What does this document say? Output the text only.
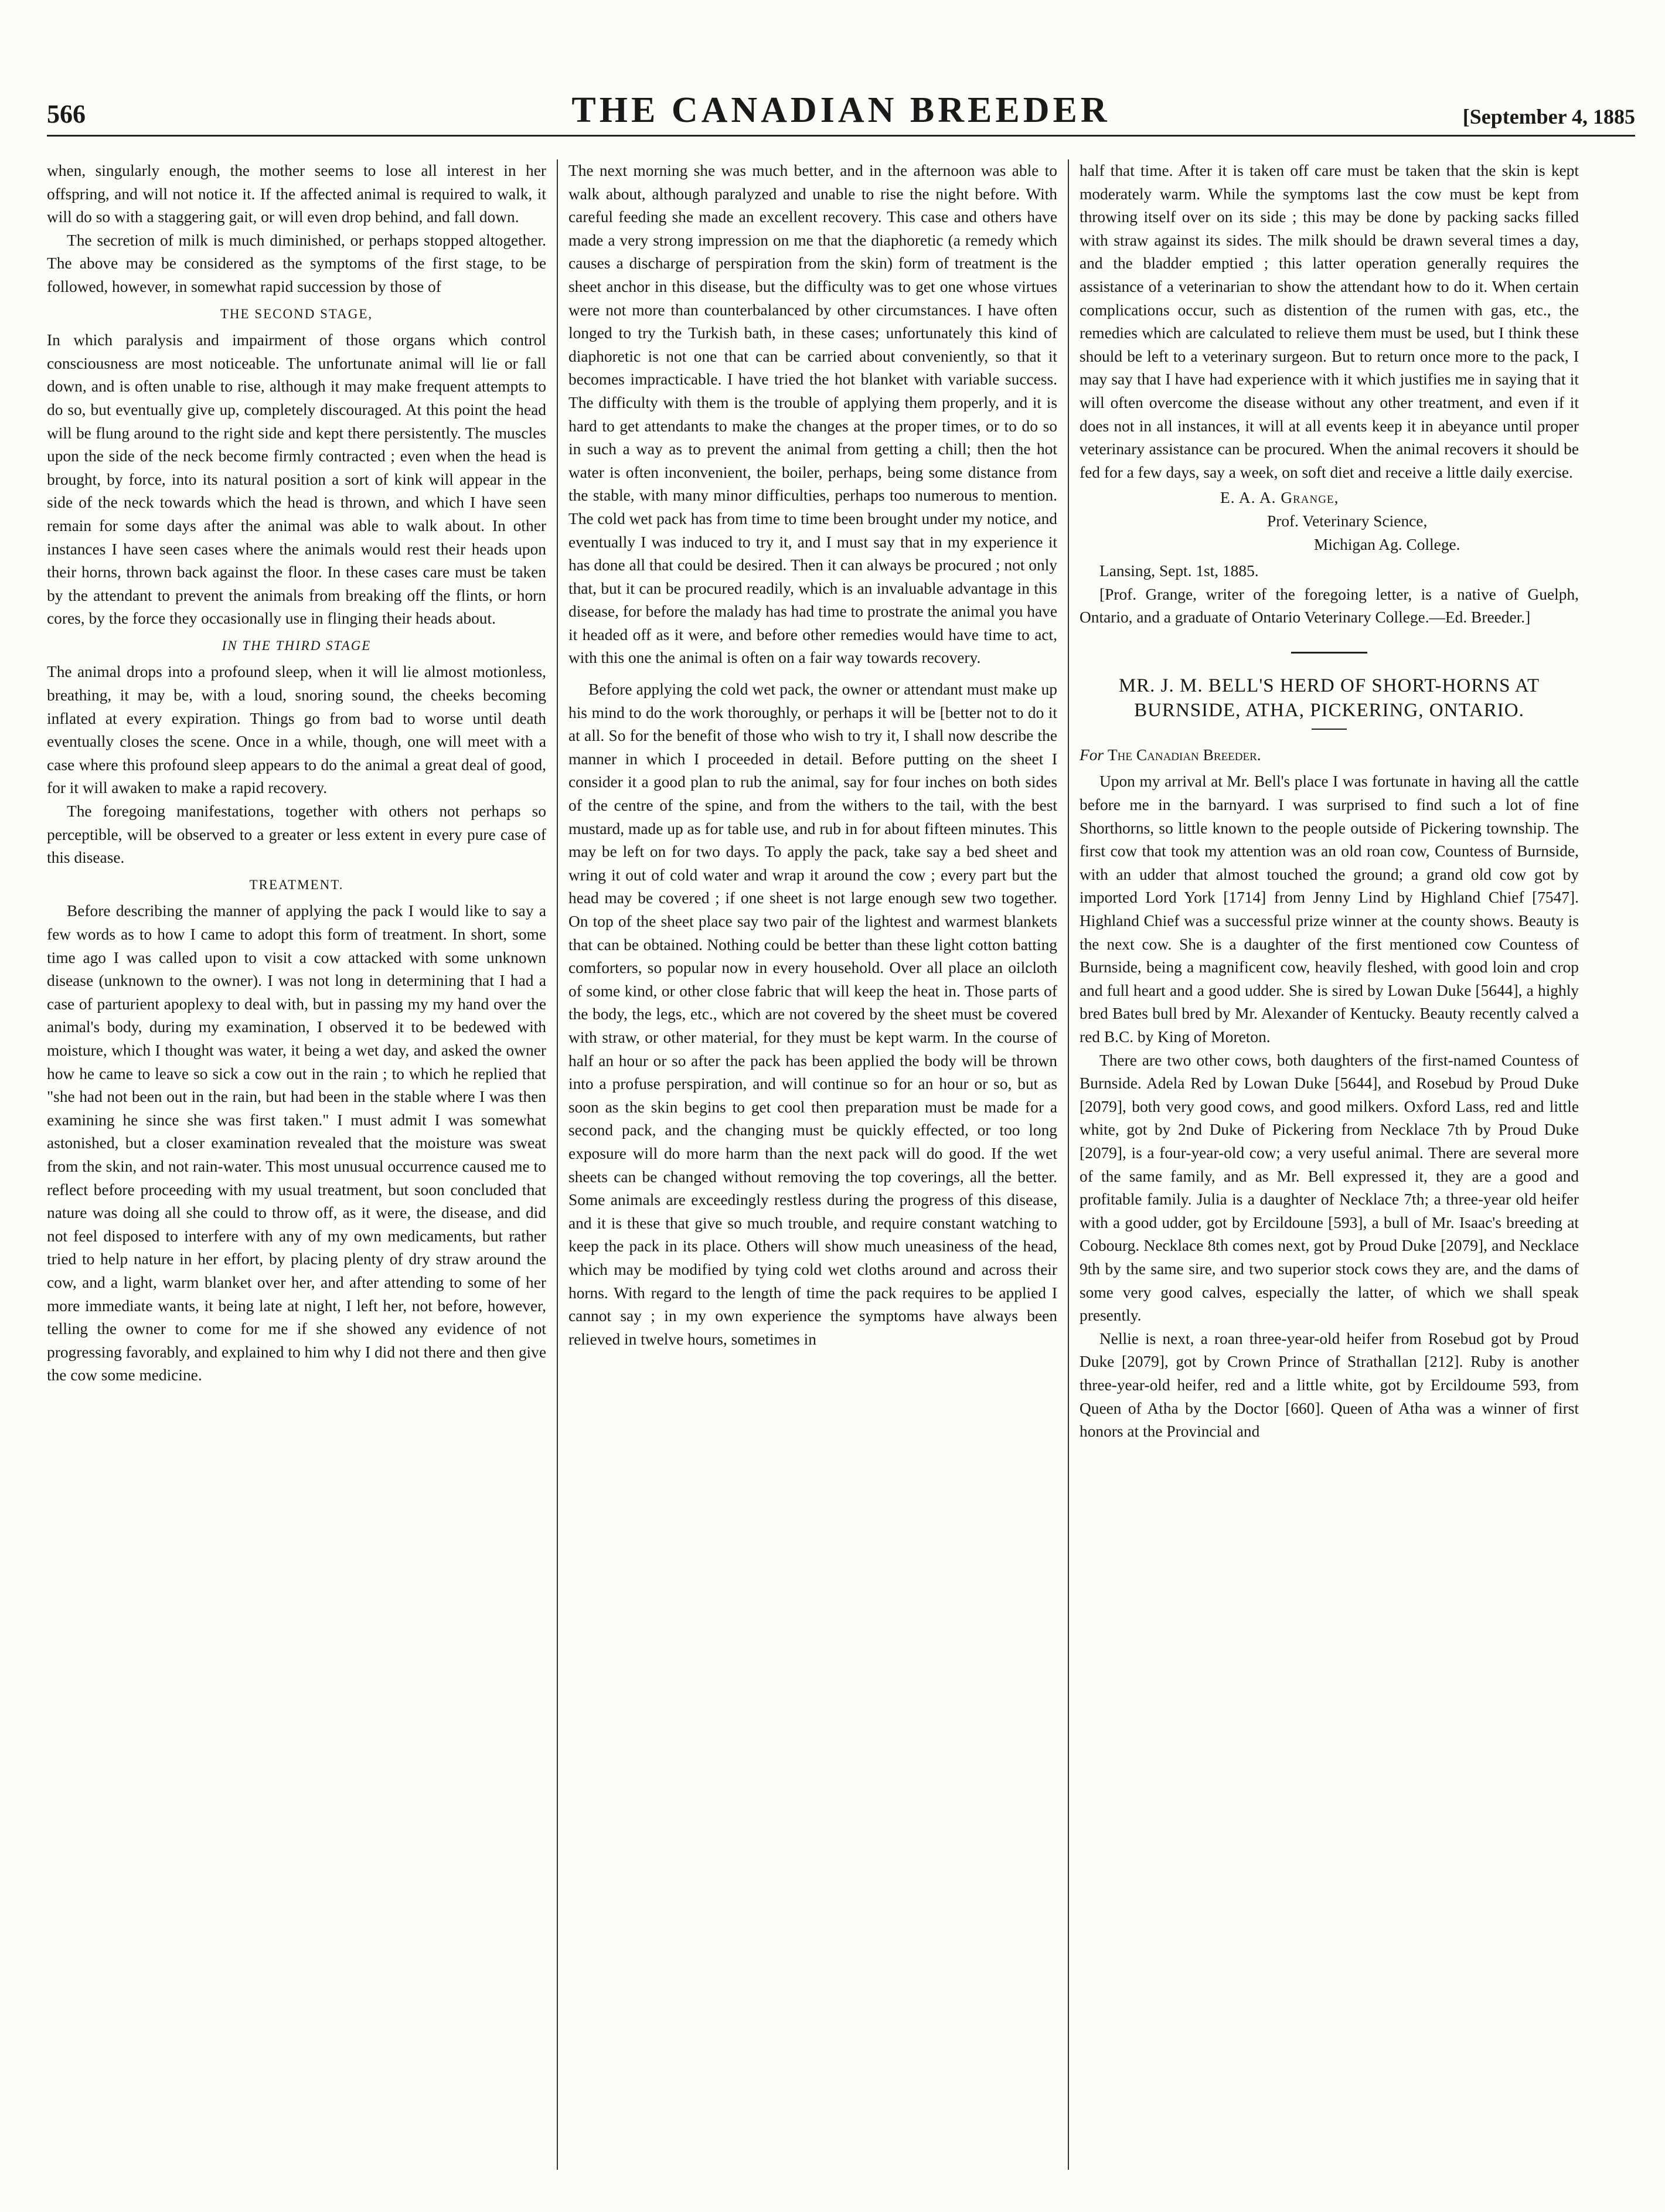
566	THE CANADIAN BREEDER	[September 4, 1885

when, singularly enough, the mother seems to lose all interest in her offspring, and will not notice it. If the affected animal is required to walk, it will do so with a staggering gait, or will even drop behind, and fall down.

The secretion of milk is much diminished, or perhaps stopped altogether. The above may be considered as the symptoms of the first stage, to be followed, however, in somewhat rapid succession by those of

THE SECOND STAGE,

In which paralysis and impairment of those organs which control consciousness are most noticeable. The unfortunate animal will lie or fall down, and is often unable to rise, although it may make frequent attempts to do so, but eventually give up, completely discouraged. At this point the head will be flung around to the right side and kept there persistently. The muscles upon the side of the neck become firmly contracted ; even when the head is brought, by force, into its natural position a sort of kink will appear in the side of the neck towards which the head is thrown, and which I have seen remain for some days after the animal was able to walk about. In other instances I have seen cases where the animals would rest their heads upon their horns, thrown back against the floor. In these cases care must be taken by the attendant to prevent the animals from breaking off the flints, or horn cores, by the force they occasionally use in flinging their heads about.

IN THE THIRD STAGE

The animal drops into a profound sleep, when it will lie almost motionless, breathing, it may be, with a loud, snoring sound, the cheeks becoming inflated at every expiration. Things go from bad to worse until death eventually closes the scene. Once in a while, though, one will meet with a case where this profound sleep appears to do the animal a great deal of good, for it will awaken to make a rapid recovery.

The foregoing manifestations, together with others not perhaps so perceptible, will be observed to a greater or less extent in every pure case of this disease.

TREATMENT.

Before describing the manner of applying the pack I would like to say a few words as to how I came to adopt this form of treatment. In short, some time ago I was called upon to visit a cow attacked with some unknown disease (unknown to the owner). I was not long in determining that I had a case of parturient apoplexy to deal with, but in passing my my hand over the animal's body, during my examination, I observed it to be bedewed with moisture, which I thought was water, it being a wet day, and asked the owner how he came to leave so sick a cow out in the rain ; to which he replied that "she had not been out in the rain, but had been in the stable where I was then examining he since she was first taken." I must admit I was somewhat astonished, but a closer examination revealed that the moisture was sweat from the skin, and not rain-water. This most unusual occurrence caused me to reflect before proceeding with my usual treatment, but soon concluded that nature was doing all she could to throw off, as it were, the disease, and did not feel disposed to interfere with any of my own medicaments, but rather tried to help nature in her effort, by placing plenty of dry straw around the cow, and a light, warm blanket over her, and after attending to some of her more immediate wants, it being late at night, I left her, not before, however, telling the owner to come for me if she showed any evidence of not progressing favorably, and explained to him why I did not there and then give the cow some medicine.

The next morning she was much better, and in the afternoon was able to walk about, although paralyzed and unable to rise the night before. With careful feeding she made an excellent recovery. This case and others have made a very strong impression on me that the diaphoretic (a remedy which causes a discharge of perspiration from the skin) form of treatment is the sheet anchor in this disease, but the difficulty was to get one whose virtues were not more than counterbalanced by other circumstances. I have often longed to try the Turkish bath, in these cases; unfortunately this kind of diaphoretic is not one that can be carried about conveniently, so that it becomes impracticable. I have tried the hot blanket with variable success. The difficulty with them is the trouble of applying them properly, and it is hard to get attendants to make the changes at the proper times, or to do so in such a way as to prevent the animal from getting a chill; then the hot water is often inconvenient, the boiler, perhaps, being some distance from the stable, with many minor difficulties, perhaps too numerous to mention. The cold wet pack has from time to time been brought under my notice, and eventually I was induced to try it, and I must say that in my experience it has done all that could be desired. Then it can always be procured ; not only that, but it can be procured readily, which is an invaluable advantage in this disease, for before the malady has had time to prostrate the animal you have it headed off as it were, and before other remedies would have time to act, with this one the animal is often on a fair way towards recovery.

Before applying the cold wet pack, the owner or attendant must make up his mind to do the work thoroughly, or perhaps it will be [better not to do it at all. So for the benefit of those who wish to try it, I shall now describe the manner in which I proceeded in detail. Before putting on the sheet I consider it a good plan to rub the animal, say for four inches on both sides of the centre of the spine, and from the withers to the tail, with the best mustard, made up as for table use, and rub in for about fifteen minutes. This may be left on for two days. To apply the pack, take say a bed sheet and wring it out of cold water and wrap it around the cow ; every part but the head may be covered ; if one sheet is not large enough sew two together. On top of the sheet place say two pair of the lightest and warmest blankets that can be obtained. Nothing could be better than these light cotton batting comforters, so popular now in every household. Over all place an oilcloth of some kind, or other close fabric that will keep the heat in. Those parts of the body, the legs, etc., which are not covered by the sheet must be covered with straw, or other material, for they must be kept warm. In the course of half an hour or so after the pack has been applied the body will be thrown into a profuse perspiration, and will continue so for an hour or so, but as soon as the skin begins to get cool then preparation must be made for a second pack, and the changing must be quickly effected, or too long exposure will do more harm than the next pack will do good. If the wet sheets can be changed without removing the top coverings, all the better. Some animals are exceedingly restless during the progress of this disease, and it is these that give so much trouble, and require constant watching to keep the pack in its place. Others will show much uneasiness of the head, which may be modified by tying cold wet cloths around and across their horns. With regard to the length of time the pack requires to be applied I cannot say ; in my own experience the symptoms have always been relieved in twelve hours, sometimes in

half that time. After it is taken off care must be taken that the skin is kept moderately warm. While the symptoms last the cow must be kept from throwing itself over on its side ; this may be done by packing sacks filled with straw against its sides. The milk should be drawn several times a day, and the bladder emptied ; this latter operation generally requires the assistance of a veterinarian to show the attendant how to do it. When certain complications occur, such as distention of the rumen with gas, etc., the remedies which are calculated to relieve them must be used, but I think these should be left to a veterinary surgeon. But to return once more to the pack, I may say that I have had experience with it which justifies me in saying that it will often overcome the disease without any other treatment, and even if it does not in all instances, it will at all events keep it in abeyance until proper veterinary assistance can be procured. When the animal recovers it should be fed for a few days, say a week, on soft diet and receive a little daily exercise.

E. A. A. Grange,
Prof. Veterinary Science,
Michigan Ag. College.
Lansing, Sept. 1st, 1885.

[Prof. Grange, writer of the foregoing letter, is a native of Guelph, Ontario, and a graduate of Ontario Veterinary College.—Ed. Breeder.]

MR. J. M. BELL'S HERD OF SHORT-HORNS AT BURNSIDE, ATHA, PICKERING, ONTARIO.
For The Canadian Breeder.

Upon my arrival at Mr. Bell's place I was fortunate in having all the cattle before me in the barnyard. I was surprised to find such a lot of fine Shorthorns, so little known to the people outside of Pickering township. The first cow that took my attention was an old roan cow, Countess of Burnside, with an udder that almost touched the ground; a grand old cow got by imported Lord York [1714] from Jenny Lind by Highland Chief [7547]. Highland Chief was a successful prize winner at the county shows. Beauty is the next cow. She is a daughter of the first mentioned cow Countess of Burnside, being a magnificent cow, heavily fleshed, with good loin and crop and full heart and a good udder. She is sired by Lowan Duke [5644], a highly bred Bates bull bred by Mr. Alexander of Kentucky. Beauty recently calved a red B.C. by King of Moreton.

There are two other cows, both daughters of the first-named Countess of Burnside. Adela Red by Lowan Duke [5644], and Rosebud by Proud Duke [2079], both very good cows, and good milkers. Oxford Lass, red and little white, got by 2nd Duke of Pickering from Necklace 7th by Proud Duke [2079], is a four-year-old cow; a very useful animal. There are several more of the same family, and as Mr. Bell expressed it, they are a good and profitable family. Julia is a daughter of Necklace 7th; a three-year old heifer with a good udder, got by Ercildoune [593], a bull of Mr. Isaac's breeding at Cobourg. Necklace 8th comes next, got by Proud Duke [2079], and Necklace 9th by the same sire, and two superior stock cows they are, and the dams of some very good calves, especially the latter, of which we shall speak presently.

Nellie is next, a roan three-year-old heifer from Rosebud got by Proud Duke [2079], got by Crown Prince of Strathallan [212]. Ruby is another three-year-old heifer, red and a little white, got by Ercildoume 593, from Queen of Atha by the Doctor [660]. Queen of Atha was a winner of first honors at the Provincial and
